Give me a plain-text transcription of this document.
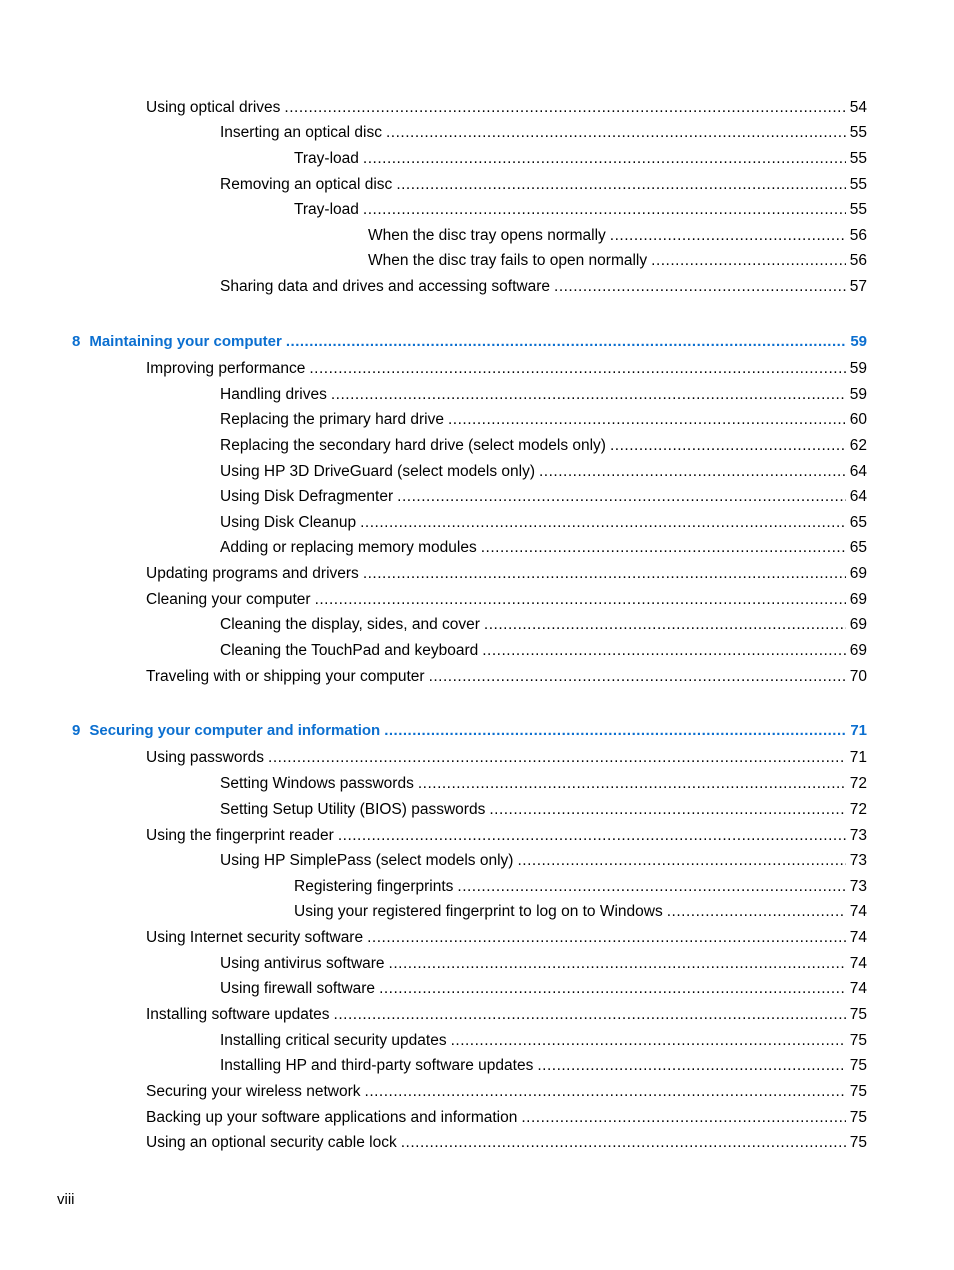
Using optical drives .....	54
Inserting an optical disc .....	55
Tray-load .....	55
Removing an optical disc .....	55
Tray-load .....	55
When the disc tray opens normally .....	56
When the disc tray fails to open normally .....	56
Sharing data and drives and accessing software .....	57
8 Maintaining your computer .....	59
Improving performance .....	59
Handling drives .....	59
Replacing the primary hard drive .....	60
Replacing the secondary hard drive (select models only) .....	62
Using HP 3D DriveGuard (select models only) .....	64
Using Disk Defragmenter .....	64
Using Disk Cleanup .....	65
Adding or replacing memory modules .....	65
Updating programs and drivers .....	69
Cleaning your computer .....	69
Cleaning the display, sides, and cover .....	69
Cleaning the TouchPad and keyboard .....	69
Traveling with or shipping your computer .....	70
9 Securing your computer and information .....	71
Using passwords .....	71
Setting Windows passwords .....	72
Setting Setup Utility (BIOS) passwords .....	72
Using the fingerprint reader .....	73
Using HP SimplePass (select models only) .....	73
Registering fingerprints .....	73
Using your registered fingerprint to log on to Windows .....	74
Using Internet security software .....	74
Using antivirus software .....	74
Using firewall software .....	74
Installing software updates .....	75
Installing critical security updates .....	75
Installing HP and third-party software updates .....	75
Securing your wireless network .....	75
Backing up your software applications and information .....	75
Using an optional security cable lock .....	75
viii
